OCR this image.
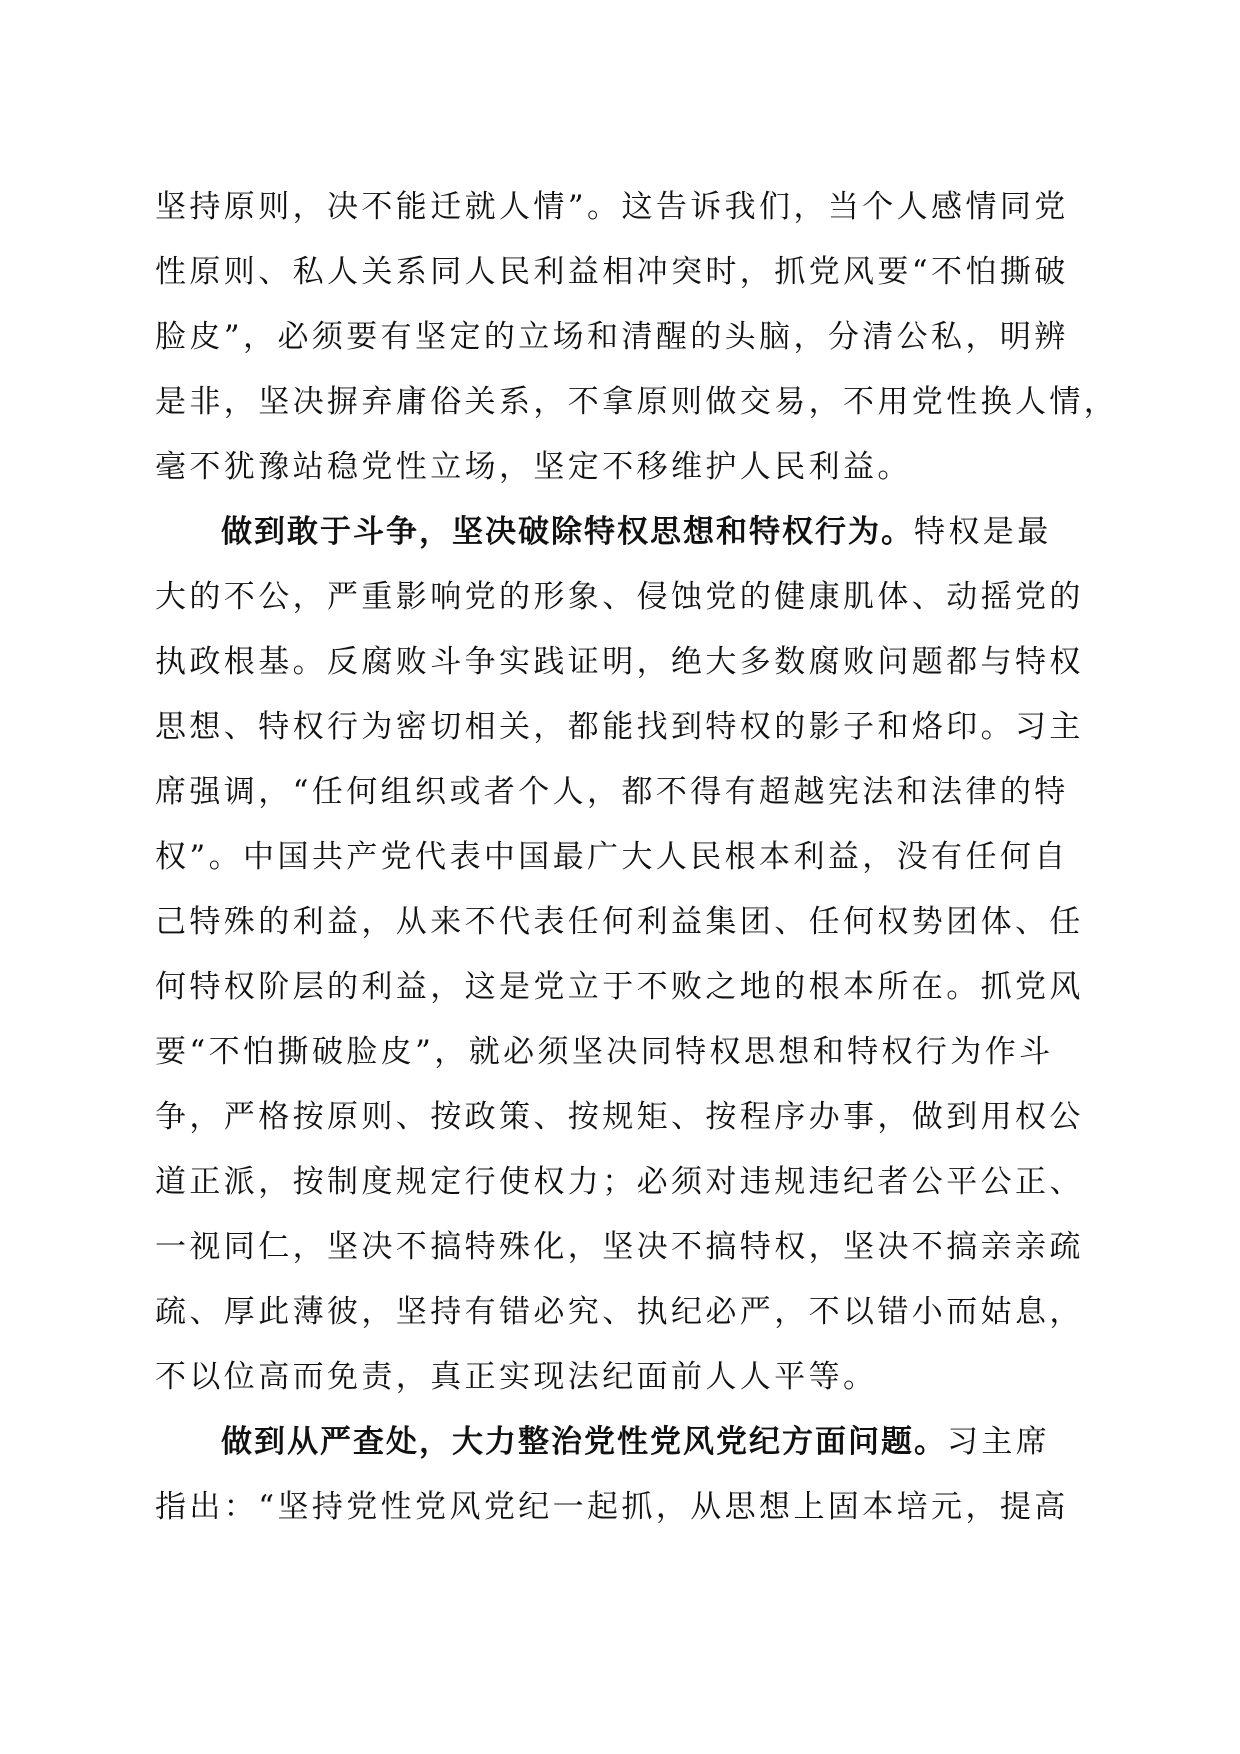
坚持原则，决不能迁就人情”。这告诉我们，当个人感情同党
性原则、私人关系同人民利益相冲突时，抓党风要“不怕撕破
脸皮”，必须要有坚定的立场和清醒的头脑，分清公私，明辨
是非，坚决摒弃庸俗关系，不拿原则做交易，不用党性换人情，
毫不犹豫站稳党性立场，坚定不移维护人民利益。
做到敢于斗争，坚决破除特权思想和特权行为。特权是最
大的不公，严重影响党的形象、侵蚀党的健康肌体、动摇党的
执政根基。反腐败斗争实践证明，绝大多数腐败问题都与特权
思想、特权行为密切相关，都能找到特权的影子和烙印。习主
席强调，“任何组织或者个人，都不得有超越宪法和法律的特
权”。中国共产党代表中国最广大人民根本利益，没有任何自
己特殊的利益，从来不代表任何利益集团、任何权势团体、任
何特权阶层的利益，这是党立于不败之地的根本所在。抓党风
要“不怕撕破脸皮”，就必须坚决同特权思想和特权行为作斗
争，严格按原则、按政策、按规矩、按程序办事，做到用权公
道正派，按制度规定行使权力；必须对违规违纪者公平公正、
一视同仁，坚决不搞特殊化，坚决不搞特权，坚决不搞亲亲疏
疏、厚此薄彼，坚持有错必究、执纪必严，不以错小而姑息，
不以位高而免责，真正实现法纪面前人人平等。
做到从严查处，大力整治党性党风党纪方面问题。习主席
指出：“坚持党性党风党纪一起抓，从思想上固本培元，提高
